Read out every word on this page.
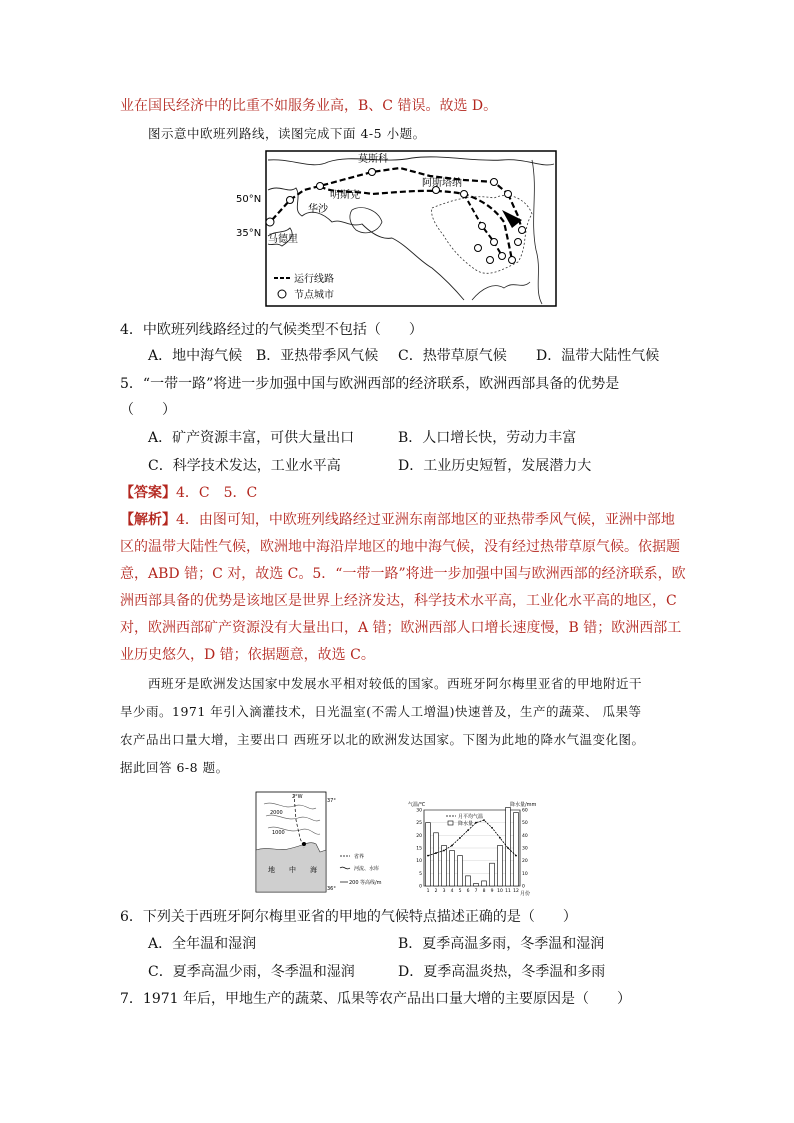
业在国民经济中的比重不如服务业高，B、C 错误。故选 D。
图示意中欧班列路线，读图完成下面 4-5 小题。
莫斯科
明斯克
华沙
阿斯塔纳
马德里
50°N
35°N
运行线路
节点城市
4．中欧班列线路经过的气候类型不包括（　　）
A．地中海气候 B．亚热带季风气候 C．热带草原气候 D．温带大陆性气候
5．“一带一路”将进一步加强中国与欧洲西部的经济联系，欧洲西部具备的优势是
（　　）
A．矿产资源丰富，可供大量出口	B．人口增长快，劳动力丰富
C．科学技术发达，工业水平高	D．工业历史短暂，发展潜力大
【答案】4．C　5．C
【解析】4．由图可知，中欧班列线路经过亚洲东南部地区的亚热带季风气候，亚洲中部地
区的温带大陆性气候，欧洲地中海沿岸地区的地中海气候，没有经过热带草原气候。依据题
意，ABD 错；C 对，故选 C。5．“一带一路”将进一步加强中国与欧洲西部的经济联系，欧
洲西部具备的优势是该地区是世界上经济发达，科学技术水平高，工业化水平高的地区，C
对，欧洲西部矿产资源没有大量出口，A 错；欧洲西部人口增长速度慢，B 错；欧洲西部工
业历史悠久，D 错；依据题意，故选 C。
西班牙是欧洲发达国家中发展水平相对较低的国家。西班牙阿尔梅里亚省的甲地附近干
旱少雨。1971 年引入滴灌技术，日光温室(不需人工增温)快速普及，生产的蔬菜、 瓜果等
农产品出口量大增，主要出口 西班牙以北的欧洲发达国家。下图为此地的降水气温变化图。
据此回答 6-8 题。
2000
1000
地　　中　　海
2°W
37°
36°
省界
河流、水库
200 等高线/m
气温/℃	降水量/mm
0	0
5	10
10	20
15	30
20	40
25	50
30	60
1 2 3 4 5 6 7 8 9 10 11 12
月平均气温
降水量
月份
6．下列关于西班牙阿尔梅里亚省的甲地的气候特点描述正确的是（　　）
A．全年温和湿润	B．夏季高温多雨，冬季温和湿润
C．夏季高温少雨，冬季温和湿润	D．夏季高温炎热，冬季温和多雨
7．1971 年后，甲地生产的蔬菜、瓜果等农产品出口量大增的主要原因是（　　）
